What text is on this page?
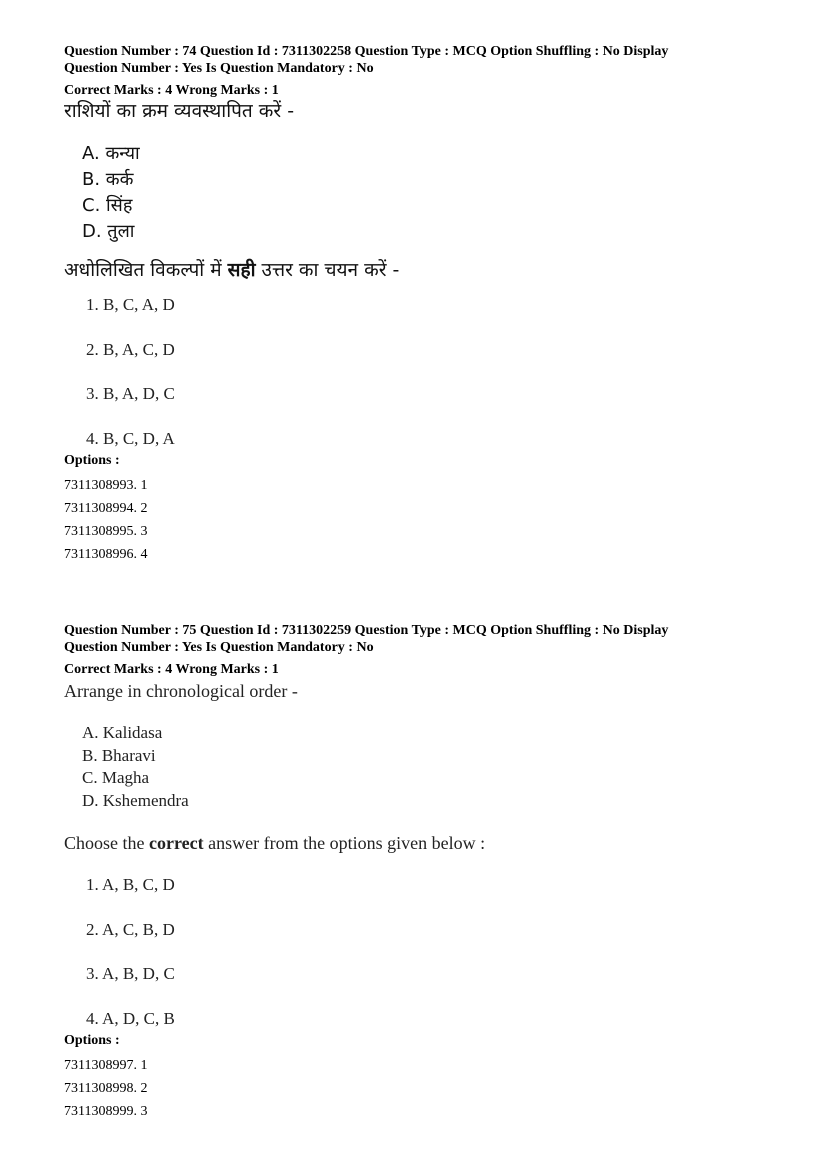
Question Number : 74 Question Id : 7311302258 Question Type : MCQ Option Shuffling : No Display
Question Number : Yes Is Question Mandatory : No
Correct Marks : 4 Wrong Marks : 1
राशियों का क्रम व्यवस्थापित करें -
A. कन्या
B. कर्क
C. सिंह
D. तुला
अधोलिखित विकल्पों में सही उत्तर का चयन करें -
1. B, C, A, D
2. B, A, C, D
3. B, A, D, C
4. B, C, D, A
Options :
7311308993. 1
7311308994. 2
7311308995. 3
7311308996. 4
Question Number : 75 Question Id : 7311302259 Question Type : MCQ Option Shuffling : No Display
Question Number : Yes Is Question Mandatory : No
Correct Marks : 4 Wrong Marks : 1
Arrange in chronological order -
A. Kalidasa
B. Bharavi
C. Magha
D. Kshemendra
Choose the correct answer from the options given below :
1. A, B, C, D
2. A, C, B, D
3. A, B, D, C
4. A, D, C, B
Options :
7311308997. 1
7311308998. 2
7311308999. 3
